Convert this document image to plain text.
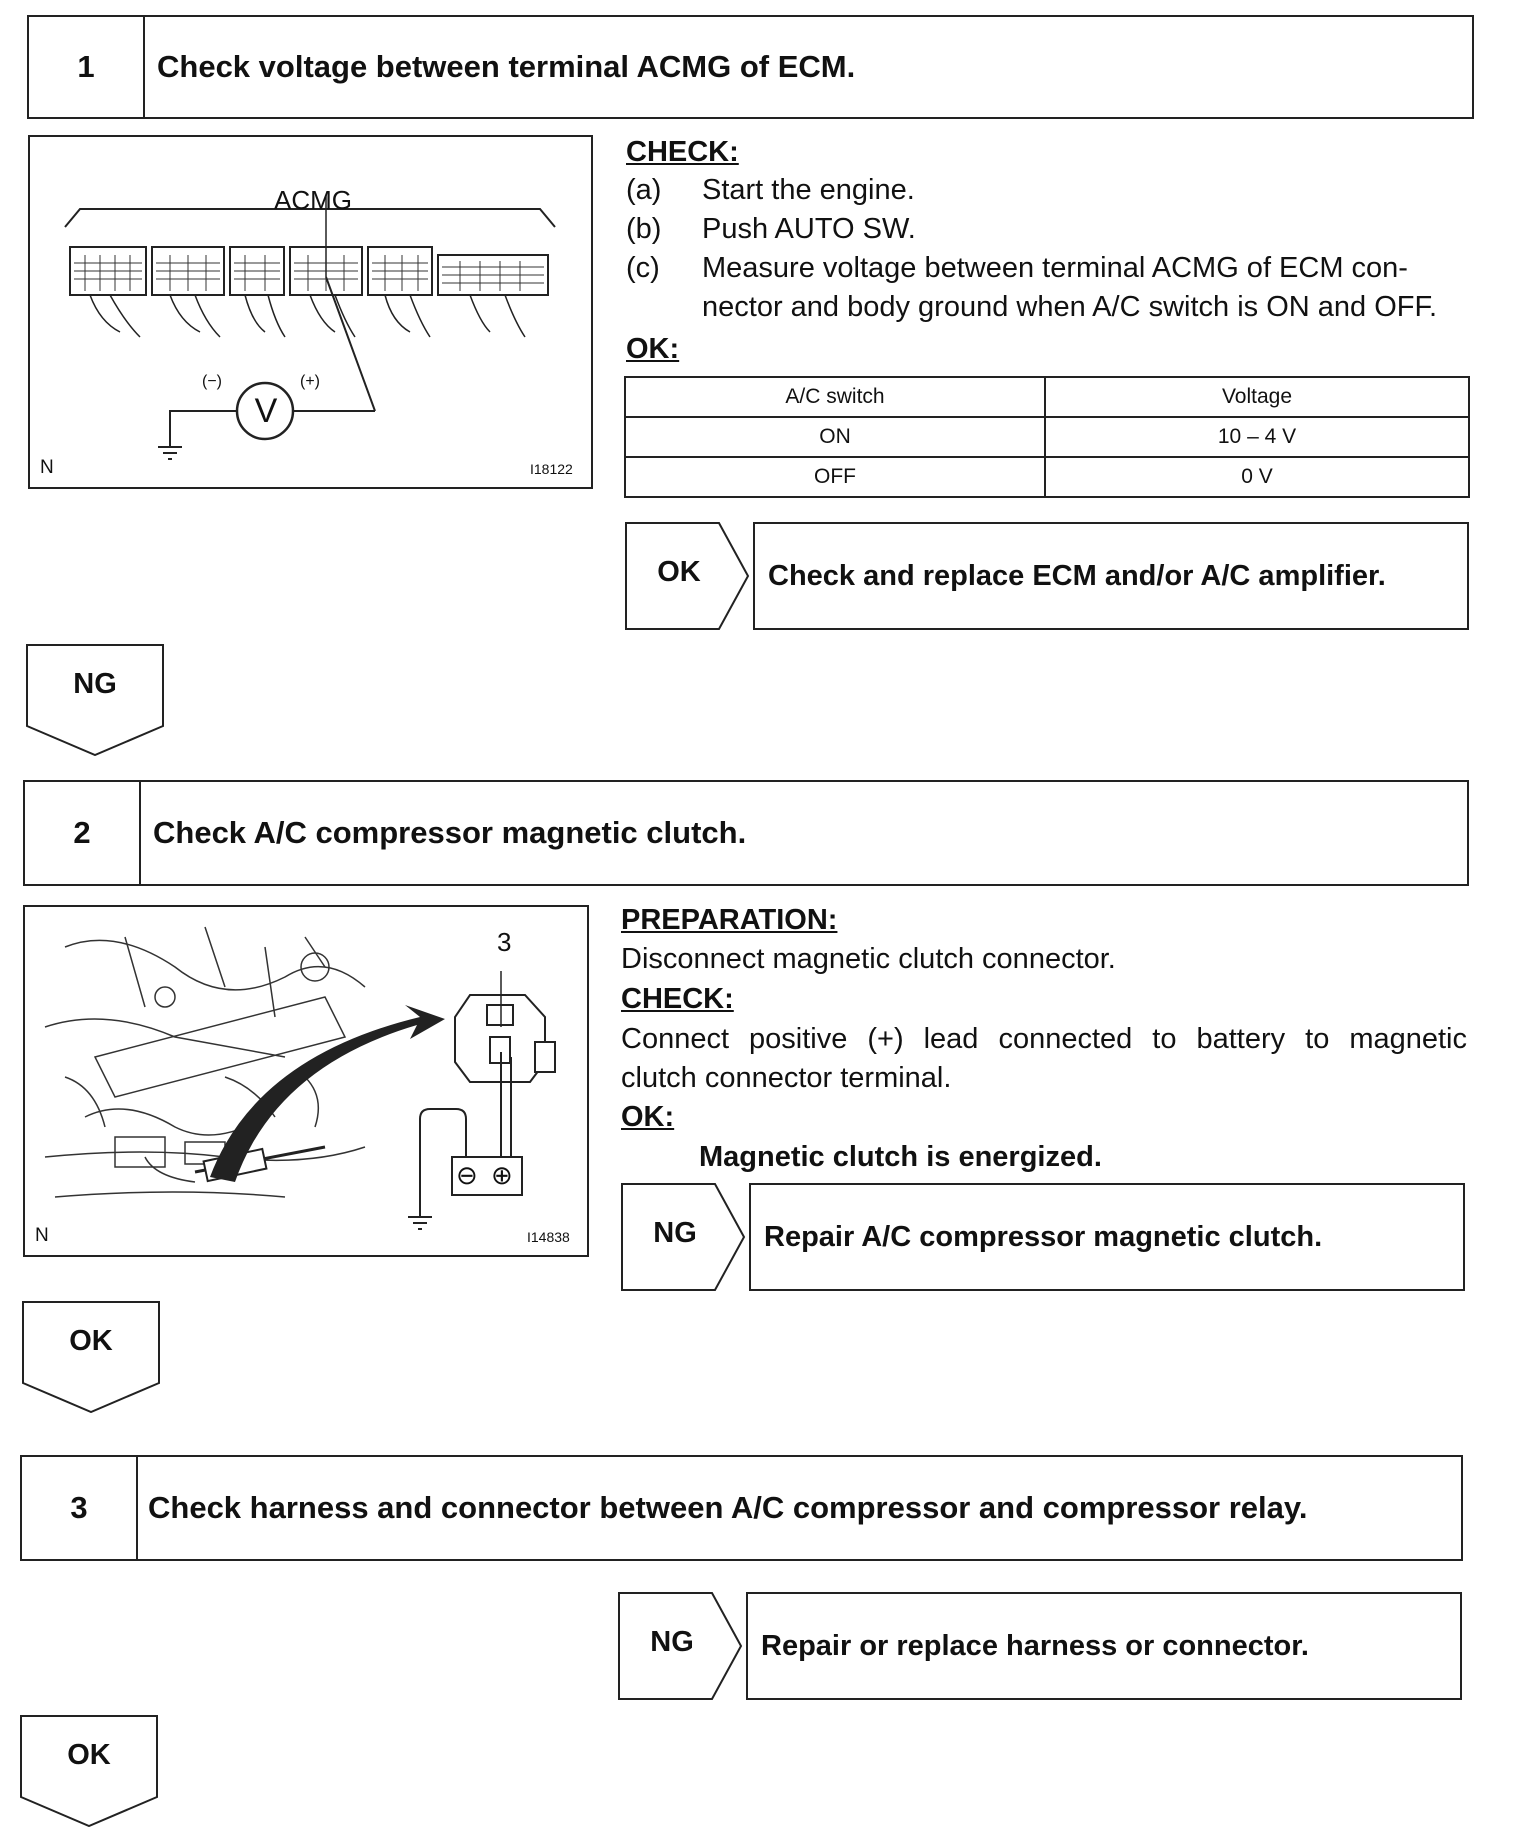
1	Check voltage between terminal ACMG of ECM.
ACMG
V
(−)	(+)
N	I18122
CHECK:
(a) Start the engine.
(b) Push AUTO SW.
(c) Measure voltage between terminal ACMG of ECM con-
nector and body ground when A/C switch is ON and OFF.
OK:
A/C switch	Voltage
ON	10 – 4 V
OFF	0 V
OK	Check and replace ECM and/or A/C amplifier.
NG
2	Check A/C compressor magnetic clutch.
3
⊖ ⊕
N	I14838
PREPARATION:
Disconnect magnetic clutch connector.
CHECK:
Connect positive (+) lead connected to battery to magnetic
clutch connector terminal.
OK:
Magnetic clutch is energized.
NG	Repair A/C compressor magnetic clutch.
OK
3	Check harness and connector between A/C compressor and compressor relay.
NG	Repair or replace harness or connector.
OK
